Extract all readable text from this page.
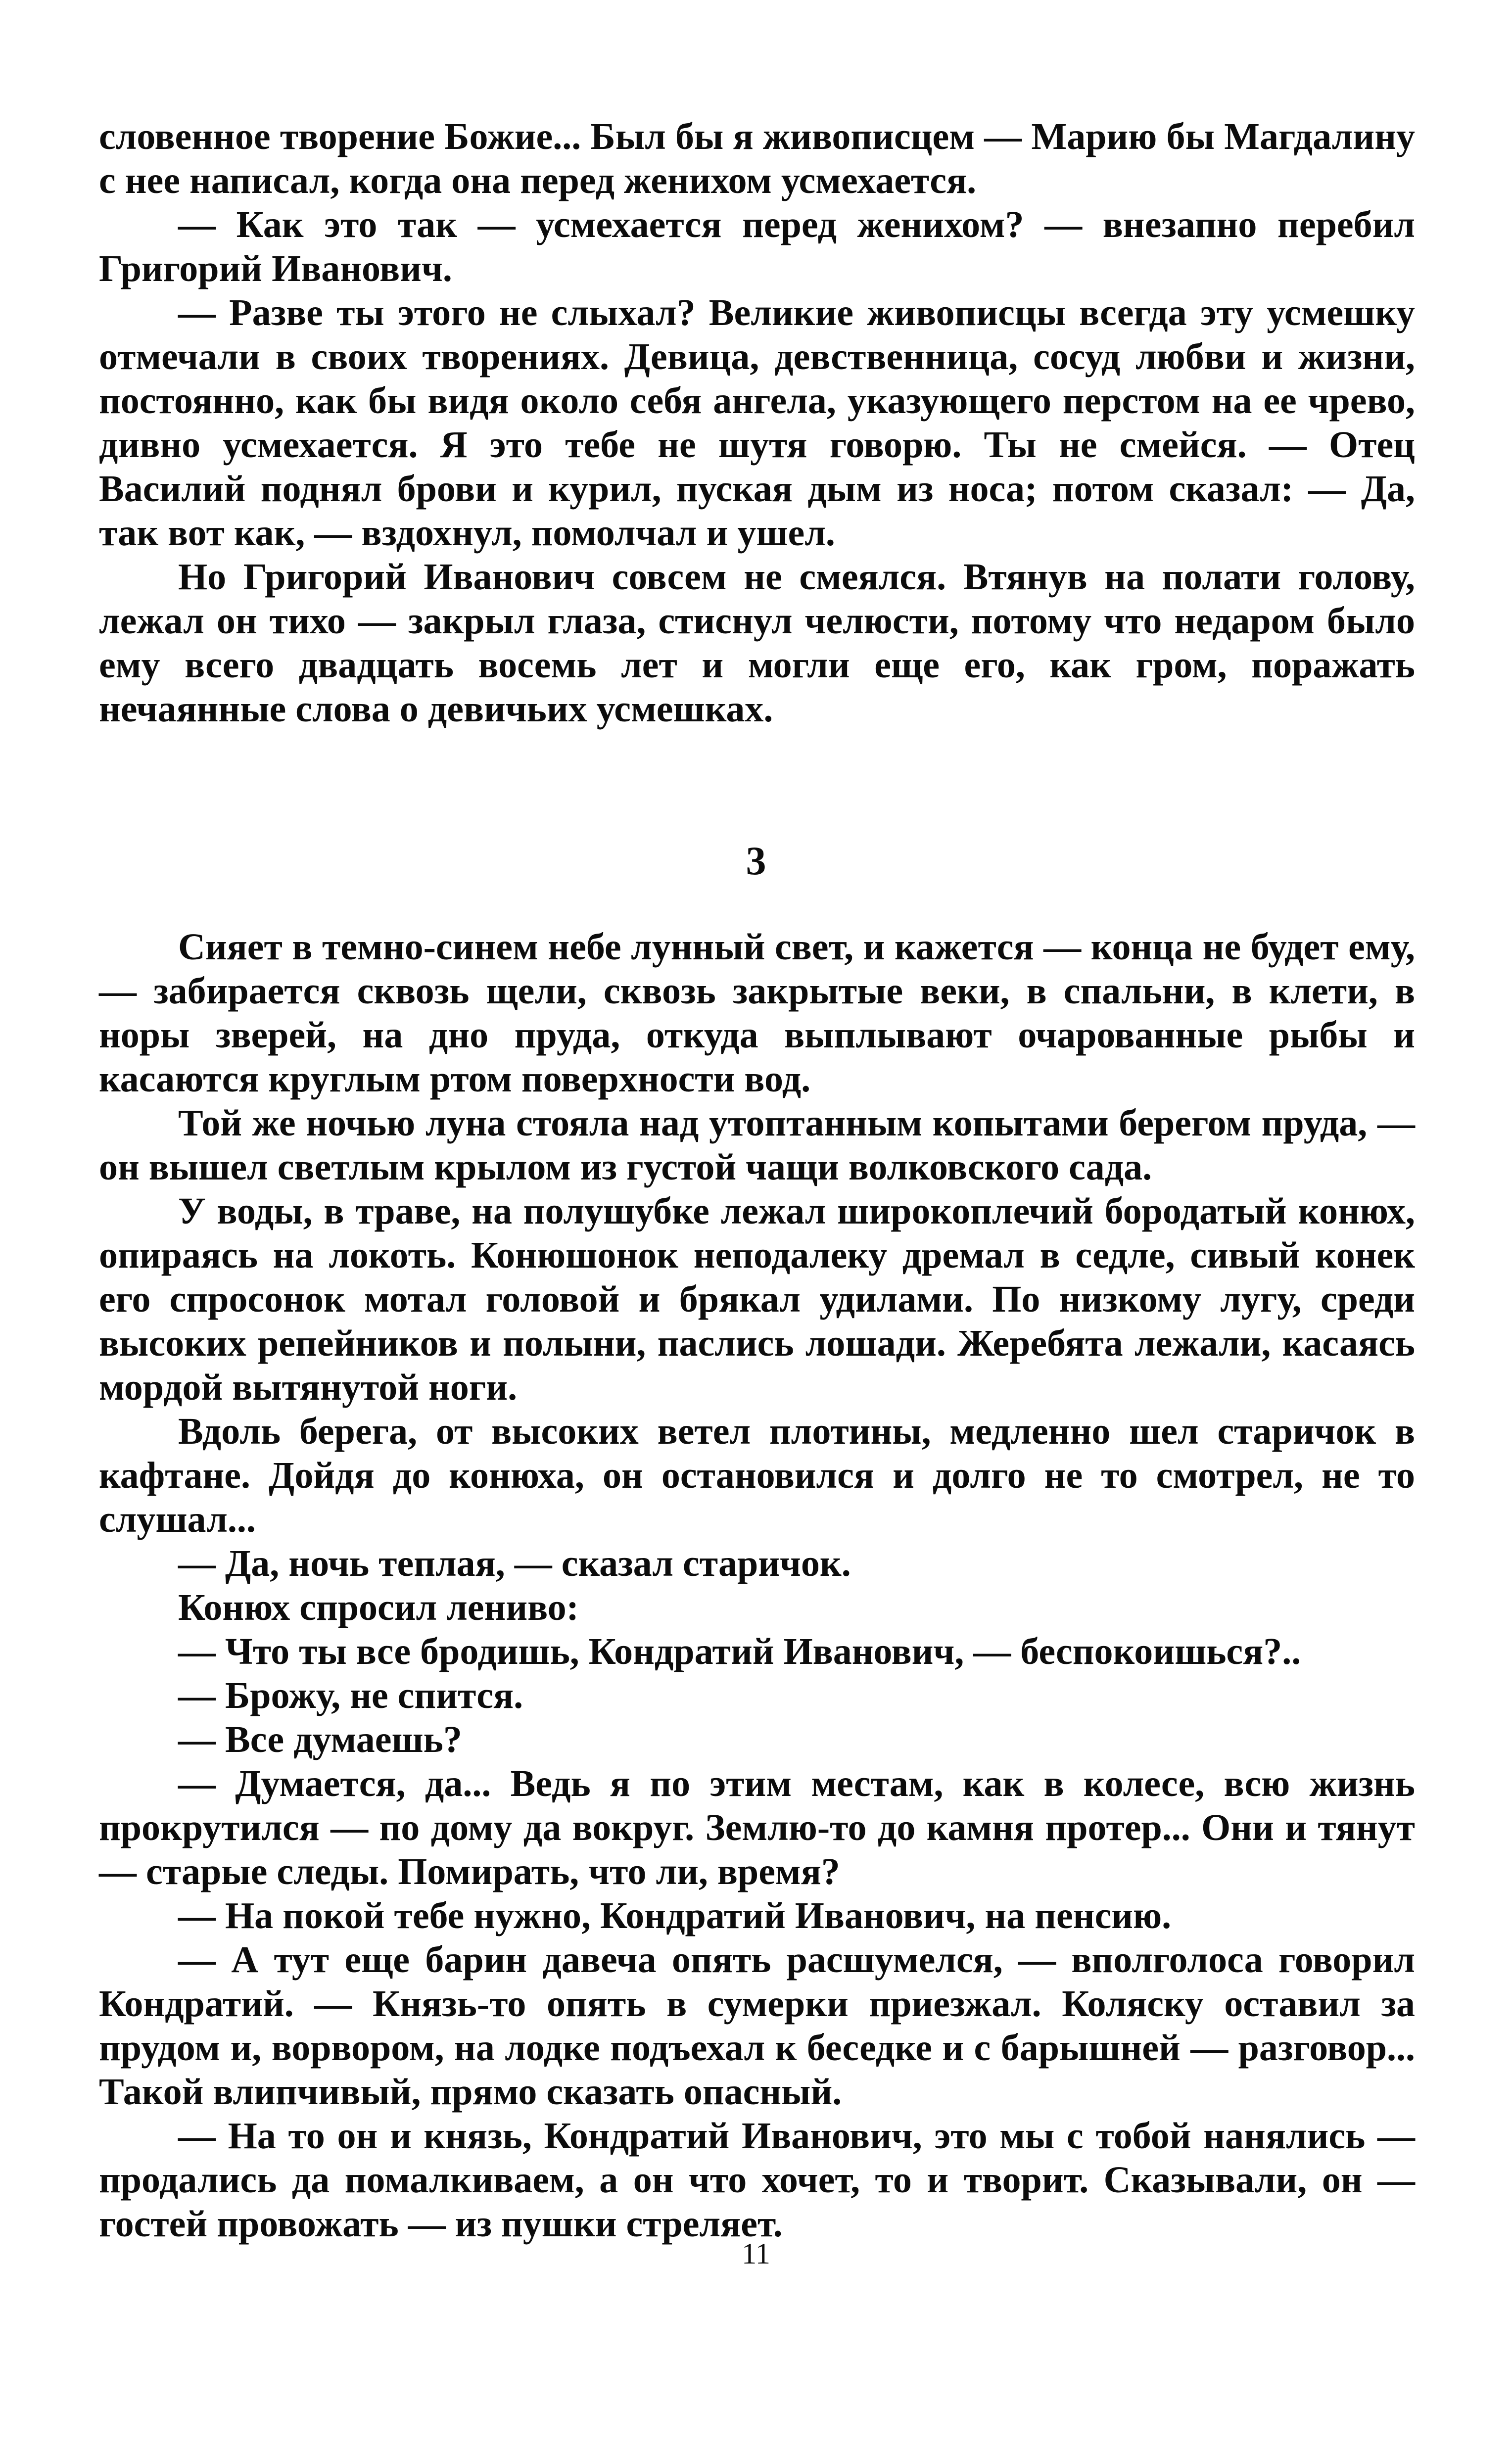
словенное творение Божие... Был бы я живописцем — Марию бы Магдалину с нее написал, когда она перед женихом усмехается.

— Как это так — усмехается перед женихом? — внезапно перебил Григорий Иванович.

— Разве ты этого не слыхал? Великие живописцы всегда эту усмешку отмечали в своих творениях. Девица, девственница, сосуд любви и жизни, постоянно, как бы видя около себя ангела, указующего перстом на ее чрево, дивно усмехается. Я это тебе не шутя говорю. Ты не смейся. — Отец Василий поднял брови и курил, пуская дым из носа; потом сказал: — Да, так вот как, — вздохнул, помолчал и ушел.

Но Григорий Иванович совсем не смеялся. Втянув на полати голову, лежал он тихо — закрыл глаза, стиснул челюсти, потому что недаром было ему всего двадцать восемь лет и могли еще его, как гром, поражать нечаянные слова о девичьих усмешках.

3

Сияет в темно-синем небе лунный свет, и кажется — конца не будет ему, — забирается сквозь щели, сквозь закрытые веки, в спальни, в клети, в норы зверей, на дно пруда, откуда выплывают очарованные рыбы и касаются круглым ртом поверхности вод.

Той же ночью луна стояла над утоптанным копытами берегом пруда, — он вышел светлым крылом из густой чащи волковского сада.

У воды, в траве, на полушубке лежал широкоплечий бородатый конюх, опираясь на локоть. Конюшонок неподалеку дремал в седле, сивый конек его спросонок мотал головой и брякал удилами. По низкому лугу, среди высоких репейников и полыни, паслись лошади. Жеребята лежали, касаясь мордой вытянутой ноги.

Вдоль берега, от высоких ветел плотины, медленно шел старичок в кафтане. Дойдя до конюха, он остановился и долго не то смотрел, не то слушал...

— Да, ночь теплая, — сказал старичок.

Конюх спросил лениво:

— Что ты все бродишь, Кондратий Иванович, — беспокоишься?..

— Брожу, не спится.

— Все думаешь?

— Думается, да... Ведь я по этим местам, как в колесе, всю жизнь прокрутился — по дому да вокруг. Землю-то до камня протер... Они и тянут — старые следы. Помирать, что ли, время?

— На покой тебе нужно, Кондратий Иванович, на пенсию.

— А тут еще барин давеча опять расшумелся, — вполголоса говорил Кондратий. — Князь-то опять в сумерки приезжал. Коляску оставил за прудом и, ворвором, на лодке подъехал к беседке и с барышней — разговор... Такой влипчивый, прямо сказать опасный.

— На то он и князь, Кондратий Иванович, это мы с тобой нанялись — продались да помалкиваем, а он что хочет, то и творит. Сказывали, он — гостей провожать — из пушки стреляет.

11
